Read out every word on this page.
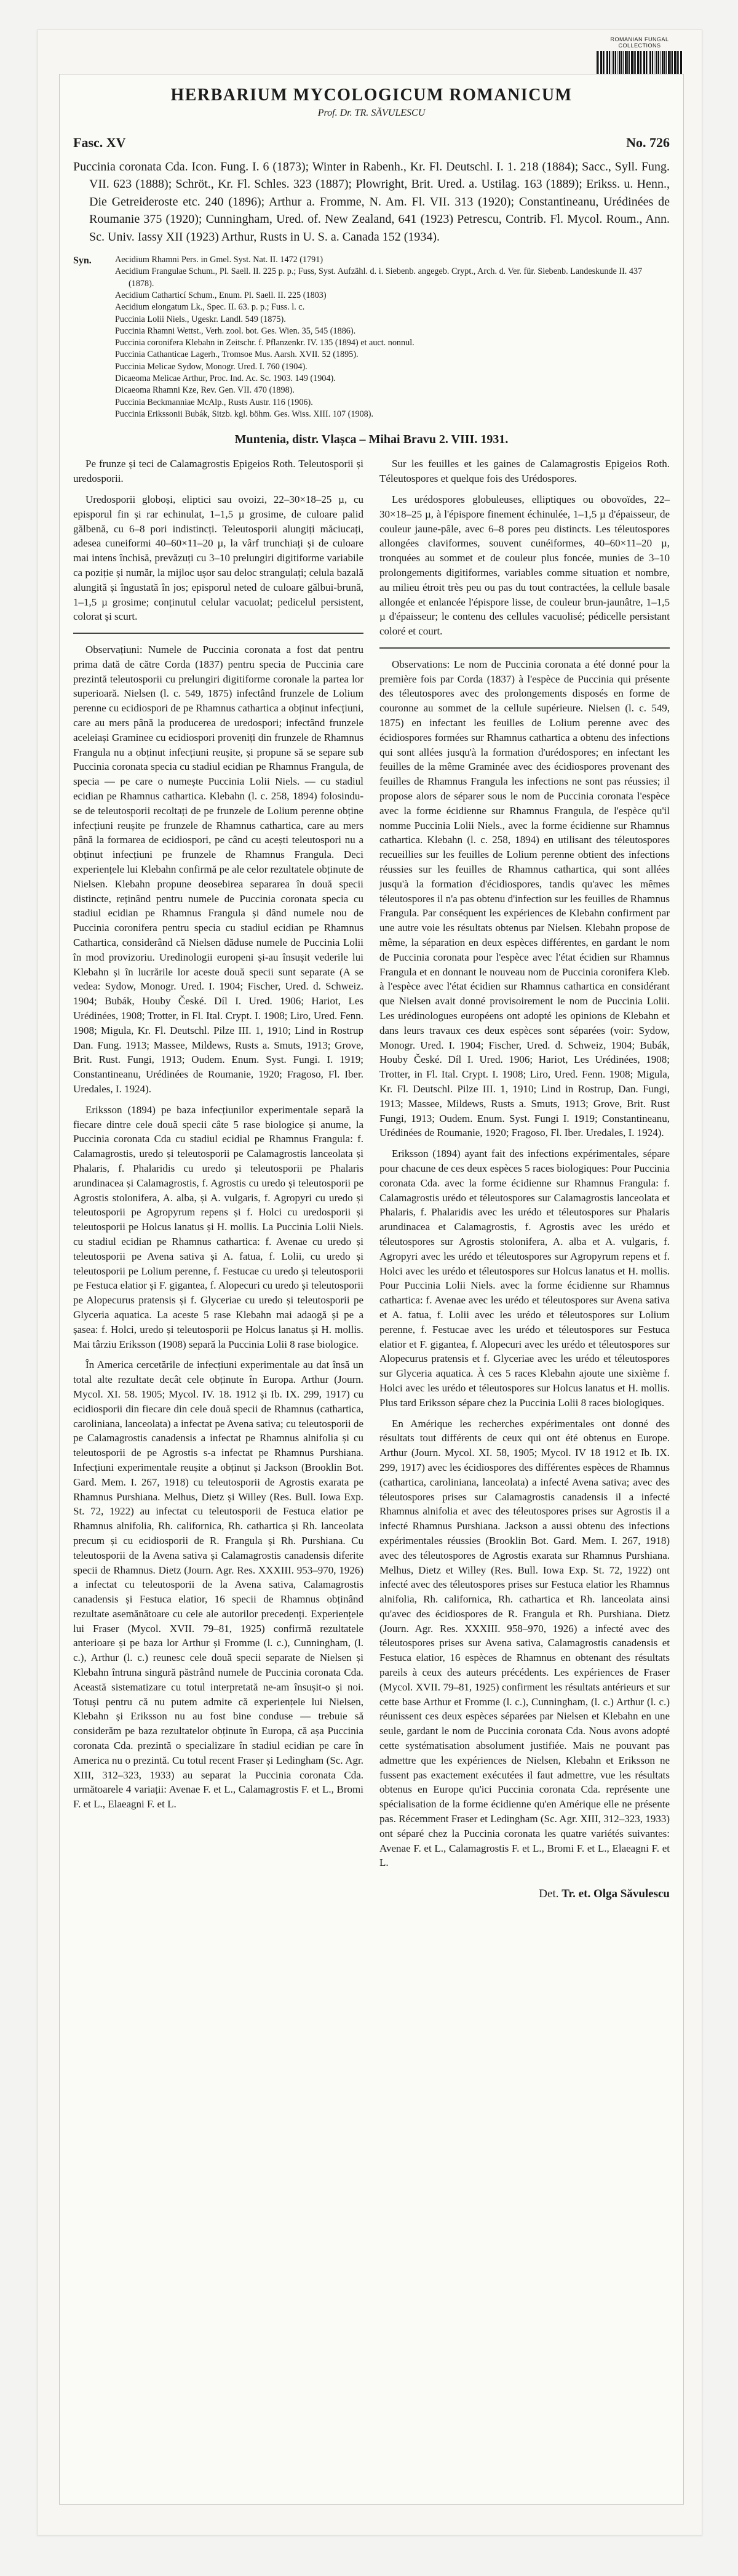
ROMANIAN FUNGAL COLLECTIONS
HERBARIUM MYCOLOGICUM ROMANICUM
Prof. Dr. TR. SĂVULESCU
Fasc. XV	No. 726
Puccinia coronata Cda. Icon. Fung. I. 6 (1873); Winter in Rabenh., Kr. Fl. Deutschl. I. 1. 218 (1884); Sacc., Syll. Fung. VII. 623 (1888); Schröt., Kr. Fl. Schles. 323 (1887); Plowright, Brit. Ured. a. Ustilag. 163 (1889); Erikss. u. Henn., Die Getreideroste etc. 240 (1896); Arthur a. Fromme, N. Am. Fl. VII. 313 (1920); Constantineanu, Urédinées de Roumanie 375 (1920); Cunningham, Ured. of. New Zealand, 641 (1923) Petrescu, Contrib. Fl. Mycol. Roum., Ann. Sc. Univ. Iassy XII (1923) Arthur, Rusts in U. S. a. Canada 152 (1934).
Syn.	Aecidium Rhamni Pers. in Gmel. Syst. Nat. II. 1472 (1791)
Aecidium Frangulae Schum., Pl. Saell. II. 225 p. p.; Fuss, Syst. Aufzähl. d. i. Siebenb. angegeb. Crypt., Arch. d. Ver. für. Siebenb. Landeskunde II. 437 (1878).
Aecidium Catharticí Schum., Enum. Pl. Saell. II. 225 (1803)
Aecidium elongatum Lk., Spec. II. 63. p. p.; Fuss. l. c.
Puccinia Lolii Niels., Ugeskr. Landl. 549 (1875).
Puccinia Rhamni Wettst., Verh. zool. bot. Ges. Wien. 35, 545 (1886).
Puccinia coronifera Klebahn in Zeitschr. f. Pflanzenkr. IV. 135 (1894) et auct. nonnul.
Puccinia Cathanticae Lagerh., Tromsoe Mus. Aarsh. XVII. 52 (1895).
Puccinia Melicae Sydow, Monogr. Ured. I. 760 (1904).
Dicaeoma Melicae Arthur, Proc. Ind. Ac. Sc. 1903. 149 (1904).
Dicaeoma Rhamni Kze, Rev. Gen. VII. 470 (1898).
Puccinia Beckmanniae McAlp., Rusts Austr. 116 (1906).
Puccinia Erikssonii Bubák, Sitzb. kgl. böhm. Ges. Wiss. XIII. 107 (1908).
Muntenia, distr. Vlașca – Mihai Bravu 2. VIII. 1931.

Pe frunze și teci de Calamagrostis Epigeios Roth. Teleutosporii și uredosporii.

Uredosporii globoși, eliptici sau ovoizi, 22–30×18–25 µ, cu episporul fin și rar echinulat, 1–1,5 µ grosime, de culoare palid gălbenă, cu 6–8 pori indistincți. Teleutosporii alungiți măciucați, adesea cuneiformi 40–60×11–20 µ, la vârf trunchiați și de culoare mai intens închisă, prevăzuți cu 3–10 prelungiri digitiforme variabile ca poziție și număr, la mijloc ușor sau deloc strangulați; celula bazală alungită și îngustată în jos; episporul neted de culoare gălbui-brună, 1–1,5 µ grosime; conținutul celular vacuolat; pedicelul persistent, colorat și scurt.

Observațiuni: Numele de Puccinia coronata a fost dat pentru prima dată de către Corda (1837) pentru specia de Puccinia care prezintă teleutosporii cu prelungiri digitiforme coronale la partea lor superioară. Nielsen (l. c. 549, 1875) infectând frunzele de Lolium perenne cu ecidiospori de pe Rhamnus cathartica a obținut infecțiuni, care au mers până la producerea de uredospori; infectând frunzele aceleiași Graminee cu ecidiospori proveniți din frunzele de Rhamnus Frangula nu a obținut infecțiuni reușite, și propune să se separe sub Puccinia coronata specia cu stadiul ecidian pe Rhamnus Frangula, de specia — pe care o numește Puccinia Lolii Niels. — cu stadiul ecidian pe Rhamnus cathartica. Klebahn (l. c. 258, 1894) folosindu-se de teleutosporii recoltați de pe frunzele de Lolium perenne obține infecțiuni reușite pe frunzele de Rhamnus cathartica, care au mers până la formarea de ecidiospori, pe când cu acești teleutospori nu a obținut infecțiuni pe frunzele de Rhamnus Frangula. Deci experiențele lui Klebahn confirmă pe ale celor rezultatele obținute de Nielsen. Klebahn propune deosebirea separarea în două specii distincte, reținând pentru numele de Puccinia coronata specia cu stadiul ecidian pe Rhamnus Frangula și dând numele nou de Puccinia coronifera pentru specia cu stadiul ecidian pe Rhamnus Cathartica, considerând că Nielsen dăduse numele de Puccinia Lolii în mod provizoriu. Uredinologii europeni și-au însușit vederile lui Klebahn și în lucrările lor aceste două specii sunt separate (A se vedea: Sydow, Monogr. Ured. I. 1904; Fischer, Ured. d. Schweiz. 1904; Bubák, Houby České. Díl I. Ured. 1906; Hariot, Les Urédinées, 1908; Trotter, in Fl. Ital. Crypt. I. 1908; Liro, Ured. Fenn. 1908; Migula, Kr. Fl. Deutschl. Pilze III. 1, 1910; Lind in Rostrup Dan. Fung. 1913; Massee, Mildews, Rusts a. Smuts, 1913; Grove, Brit. Rust. Fungi, 1913; Oudem. Enum. Syst. Fungi. I. 1919; Constantineanu, Urédinées de Roumanie, 1920; Fragoso, Fl. Iber. Uredales, I. 1924).

Eriksson (1894) pe baza infecțiunilor experimentale separă la fiecare dintre cele două specii câte 5 rase biologice și anume, la Puccinia coronata Cda cu stadiul ecidial pe Rhamnus Frangula: f. Calamagrostis, uredo și teleutosporii pe Calamagrostis lanceolata și Phalaris, f. Phalaridis cu uredo și teleutosporii pe Phalaris arundinacea și Calamagrostis, f. Agrostis cu uredo și teleutosporii pe Agrostis stolonifera, A. alba, și A. vulgaris, f. Agropyri cu uredo și teleutosporii pe Agropyrum repens și f. Holci cu uredosporii și teleutosporii pe Holcus lanatus și H. mollis. La Puccinia Lolii Niels. cu stadiul ecidian pe Rhamnus cathartica: f. Avenae cu uredo și teleutosporii pe Avena sativa și A. fatua, f. Lolii, cu uredo și teleutosporii pe Lolium perenne, f. Festucae cu uredo și teleutosporii pe Festuca elatior și F. gigantea, f. Alopecuri cu uredo și teleutosporii pe Alopecurus pratensis și f. Glyceriae cu uredo și teleutosporii pe Glyceria aquatica. La aceste 5 rase Klebahn mai adaogă și pe a șasea: f. Holci, uredo și teleutosporii pe Holcus lanatus și H. mollis. Mai târziu Eriksson (1908) separă la Puccinia Lolii 8 rase biologice.

În America cercetările de infecțiuni experimentale au dat însă un total alte rezultate decât cele obținute în Europa. Arthur (Journ. Mycol. XI. 58. 1905; Mycol. IV. 18. 1912 și Ib. IX. 299, 1917) cu ecidiosporii din fiecare din cele două specii de Rhamnus (cathartica, caroliniana, lanceolata) a infectat pe Avena sativa; cu teleutosporii de pe Calamagrostis canadensis a infectat pe Rhamnus alnifolia și cu teleutosporii de pe Agrostis s-a infectat pe Rhamnus Purshiana. Infecțiuni experimentale reușite a obținut și Jackson (Brooklin Bot. Gard. Mem. I. 267, 1918) cu teleutosporii de Agrostis exarata pe Rhamnus Purshiana. Melhus, Dietz și Willey (Res. Bull. Iowa Exp. St. 72, 1922) au infectat cu teleutosporii de Festuca elatior pe Rhamnus alnifolia, Rh. californica, Rh. cathartica și Rh. lanceolata precum și cu ecidiosporii de R. Frangula și Rh. Purshiana. Cu teleutosporii de la Avena sativa și Calamagrostis canadensis diferite specii de Rhamnus. Dietz (Journ. Agr. Res. XXXIII. 953–970, 1926) a infectat cu teleutosporii de la Avena sativa, Calamagrostis canadensis și Festuca elatior, 16 specii de Rhamnus obținând rezultate asemănătoare cu cele ale autorilor precedenți. Experiențele lui Fraser (Mycol. XVII. 79–81, 1925) confirmă rezultatele anterioare și pe baza lor Arthur și Fromme (l. c.), Cunningham, (l. c.), Arthur (l. c.) reunesc cele două specii separate de Nielsen și Klebahn întruna singură păstrând numele de Puccinia coronata Cda. Această sistematizare cu totul interpretată ne-am însușit-o și noi. Totuși pentru că nu putem admite că experiențele lui Nielsen, Klebahn și Eriksson nu au fost bine conduse — trebuie să considerăm pe baza rezultatelor obținute în Europa, că așa Puccinia coronata Cda. prezintă o specializare în stadiul ecidian pe care în America nu o prezintă. Cu totul recent Fraser și Ledingham (Sc. Agr. XIII, 312–323, 1933) au separat la Puccinia coronata Cda. următoarele 4 variații: Avenae F. et L., Calamagrostis F. et L., Bromi F. et L., Elaeagni F. et L.

Sur les feuilles et les gaines de Calamagrostis Epigeios Roth. Téleutospores et quelque fois des Urédospores.

Les urédospores globuleuses, elliptiques ou obovoïdes, 22–30×18–25 µ, à l'épispore finement échinulée, 1–1,5 µ d'épaisseur, de couleur jaune-pâle, avec 6–8 pores peu distincts. Les téleutospores allongées claviformes, souvent cunéiformes, 40–60×11–20 µ, tronquées au sommet et de couleur plus foncée, munies de 3–10 prolongements digitiformes, variables comme situation et nombre, au milieu étroit très peu ou pas du tout contractées, la cellule basale allongée et enlancée l'épispore lisse, de couleur brun-jaunâtre, 1–1,5 µ d'épaisseur; le contenu des cellules vacuolisé; pédicelle persistant coloré et court.

Observations: Le nom de Puccinia coronata a été donné pour la première fois par Corda (1837) à l'espèce de Puccinia qui présente des téleutospores avec des prolongements disposés en forme de couronne au sommet de la cellule supérieure. Nielsen (l. c. 549, 1875) en infectant les feuilles de Lolium perenne avec des écidiospores formées sur Rhamnus cathartica a obtenu des infections qui sont allées jusqu'à la formation d'urédospores; en infectant les feuilles de la même Graminée avec des écidiospores provenant des feuilles de Rhamnus Frangula les infections ne sont pas réussies; il propose alors de séparer sous le nom de Puccinia coronata l'espèce avec la forme écidienne sur Rhamnus Frangula, de l'espèce qu'il nomme Puccinia Lolii Niels., avec la forme écidienne sur Rhamnus cathartica. Klebahn (l. c. 258, 1894) en utilisant des téleutospores recueillies sur les feuilles de Lolium perenne obtient des infections réussies sur les feuilles de Rhamnus cathartica, qui sont allées jusqu'à la formation d'écidiospores, tandis qu'avec les mêmes téleutospores il n'a pas obtenu d'infection sur les feuilles de Rhamnus Frangula. Par conséquent les expériences de Klebahn confirment par une autre voie les résultats obtenus par Nielsen. Klebahn propose de même, la séparation en deux espèces différentes, en gardant le nom de Puccinia coronata pour l'espèce avec l'état écidien sur Rhamnus Frangula et en donnant le nouveau nom de Puccinia coronifera Kleb. à l'espèce avec l'état écidien sur Rhamnus cathartica en considérant que Nielsen avait donné provisoirement le nom de Puccinia Lolii. Les urédinologues européens ont adopté les opinions de Klebahn et dans leurs travaux ces deux espèces sont séparées (voir: Sydow, Monogr. Ured. I. 1904; Fischer, Ured. d. Schweiz, 1904; Bubák, Houby České. Díl I. Ured. 1906; Hariot, Les Urédinées, 1908; Trotter, in Fl. Ital. Crypt. I. 1908; Liro, Ured. Fenn. 1908; Migula, Kr. Fl. Deutschl. Pilze III. 1, 1910; Lind in Rostrup, Dan. Fungi, 1913; Massee, Mildews, Rusts a. Smuts, 1913; Grove, Brit. Rust Fungi, 1913; Oudem. Enum. Syst. Fungi I. 1919; Constantineanu, Urédinées de Roumanie, 1920; Fragoso, Fl. Iber. Uredales, I. 1924).

Eriksson (1894) ayant fait des infections expérimentales, sépare pour chacune de ces deux espèces 5 races biologiques: Pour Puccinia coronata Cda. avec la forme écidienne sur Rhamnus Frangula: f. Calamagrostis urédo et téleutospores sur Calamagrostis lanceolata et Phalaris, f. Phalaridis avec les urédo et téleutospores sur Phalaris arundinacea et Calamagrostis, f. Agrostis avec les urédo et téleutospores sur Agrostis stolonifera, A. alba et A. vulgaris, f. Agropyri avec les urédo et téleutospores sur Agropyrum repens et f. Holci avec les urédo et téleutospores sur Holcus lanatus et H. mollis. Pour Puccinia Lolii Niels. avec la forme écidienne sur Rhamnus cathartica: f. Avenae avec les urédo et téleutospores sur Avena sativa et A. fatua, f. Lolii avec les urédo et téleutospores sur Lolium perenne, f. Festucae avec les urédo et téleutospores sur Festuca elatior et F. gigantea, f. Alopecuri avec les urédo et téleutospores sur Alopecurus pratensis et f. Glyceriae avec les urédo et téleutospores sur Glyceria aquatica. À ces 5 races Klebahn ajoute une sixième f. Holci avec les urédo et téleutospores sur Holcus lanatus et H. mollis. Plus tard Eriksson sépare chez la Puccinia Lolii 8 races biologiques.

En Amérique les recherches expérimentales ont donné des résultats tout différents de ceux qui ont été obtenus en Europe. Arthur (Journ. Mycol. XI. 58, 1905; Mycol. IV 18 1912 et Ib. IX. 299, 1917) avec les écidiospores des différentes espèces de Rhamnus (cathartica, caroliniana, lanceolata) a infecté Avena sativa; avec des téleutospores prises sur Calamagrostis canadensis il a infecté Rhamnus alnifolia et avec des téleutospores prises sur Agrostis il a infecté Rhamnus Purshiana. Jackson a aussi obtenu des infections expérimentales réussies (Brooklin Bot. Gard. Mem. I. 267, 1918) avec des téleutospores de Agrostis exarata sur Rhamnus Purshiana. Melhus, Dietz et Willey (Res. Bull. Iowa Exp. St. 72, 1922) ont infecté avec des téleutospores prises sur Festuca elatior les Rhamnus alnifolia, Rh. californica, Rh. cathartica et Rh. lanceolata ainsi qu'avec des écidiospores de R. Frangula et Rh. Purshiana. Dietz (Journ. Agr. Res. XXXIII. 958–970, 1926) a infecté avec des téleutospores prises sur Avena sativa, Calamagrostis canadensis et Festuca elatior, 16 espèces de Rhamnus en obtenant des résultats pareils à ceux des auteurs précédents. Les expériences de Fraser (Mycol. XVII. 79–81, 1925) confirment les résultats antérieurs et sur cette base Arthur et Fromme (l. c.), Cunningham, (l. c.) Arthur (l. c.) réunissent ces deux espèces séparées par Nielsen et Klebahn en une seule, gardant le nom de Puccinia coronata Cda. Nous avons adopté cette systématisation absolument justifiée. Mais ne pouvant pas admettre que les expériences de Nielsen, Klebahn et Eriksson ne fussent pas exactement exécutées il faut admettre, vue les résultats obtenus en Europe qu'ici Puccinia coronata Cda. représente une spécialisation de la forme écidienne qu'en Amérique elle ne présente pas. Récemment Fraser et Ledingham (Sc. Agr. XIII, 312–323, 1933) ont séparé chez la Puccinia coronata les quatre variétés suivantes: Avenae F. et L., Calamagrostis F. et L., Bromi F. et L., Elaeagni F. et L.

Det. Tr. et. Olga Săvulescu
